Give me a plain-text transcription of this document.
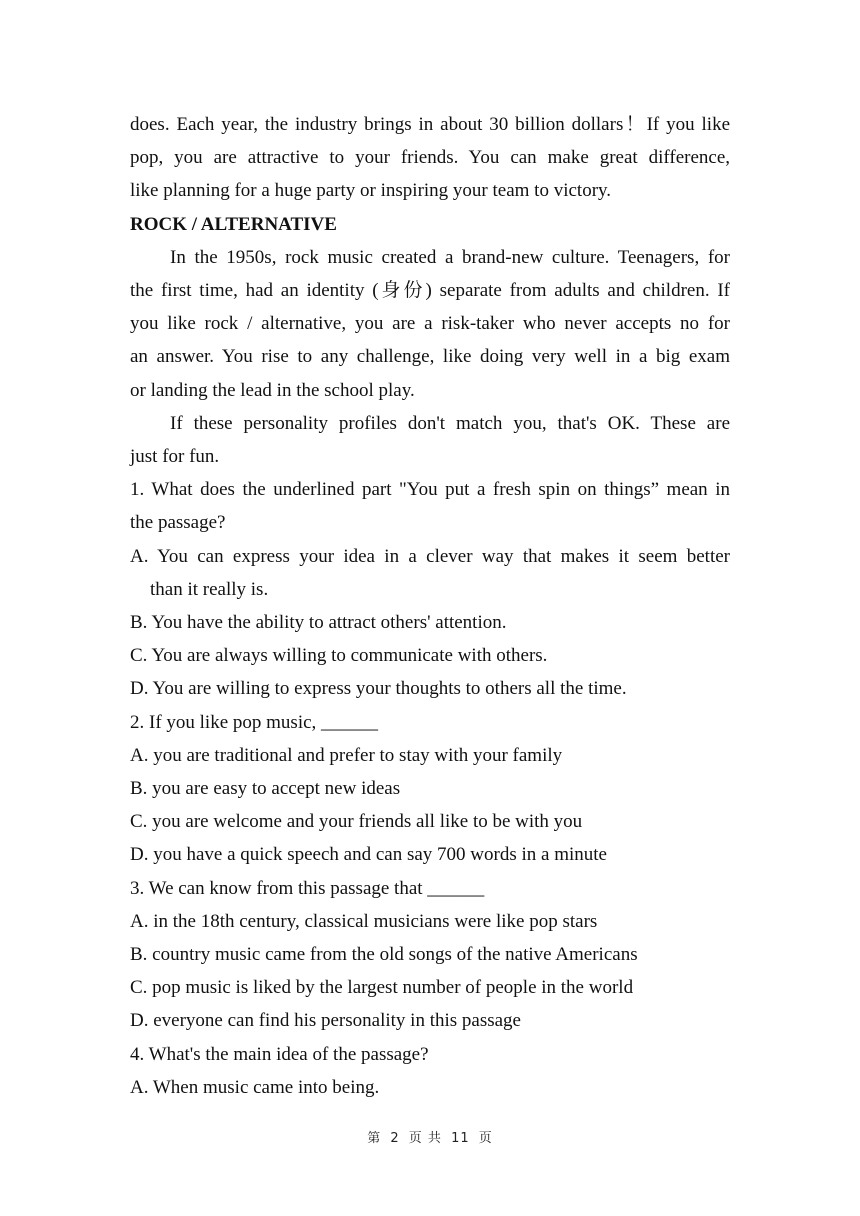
does. Each year, the industry brings in about 30 billion dollars！If you like
pop, you are attractive to your friends. You can make great difference,
like planning for a huge party or inspiring your team to victory.
ROCK / ALTERNATIVE
In the 1950s, rock music created a brand-new culture. Teenagers, for
the first time, had an identity (身份) separate from adults and children. If
you like rock / alternative, you are a risk-taker who never accepts no for
an answer. You rise to any challenge, like doing very well in a big exam
or landing the lead in the school play.
If these personality profiles don't match you, that's OK. These are
just for fun.
1. What does the underlined part "You put a fresh spin on things” mean in
the passage?
A. You can express your idea in a clever way that makes it seem better
than it really is.
B. You have the ability to attract others' attention.
C. You are always willing to communicate with others.
D. You are willing to express your thoughts to others all the time.
2. If you like pop music, ______
A. you are traditional and prefer to stay with your family
B. you are easy to accept new ideas
C. you are welcome and your friends all like to be with you
D. you have a quick speech and can say 700 words in a minute
3. We can know from this passage that ______
A. in the 18th century, classical musicians were like pop stars
B. country music came from the old songs of the native Americans
C. pop music is liked by the largest number of people in the world
D. everyone can find his personality in this passage
4. What's the main idea of the passage?
A. When music came into being.
第 2 页 共 11 页
